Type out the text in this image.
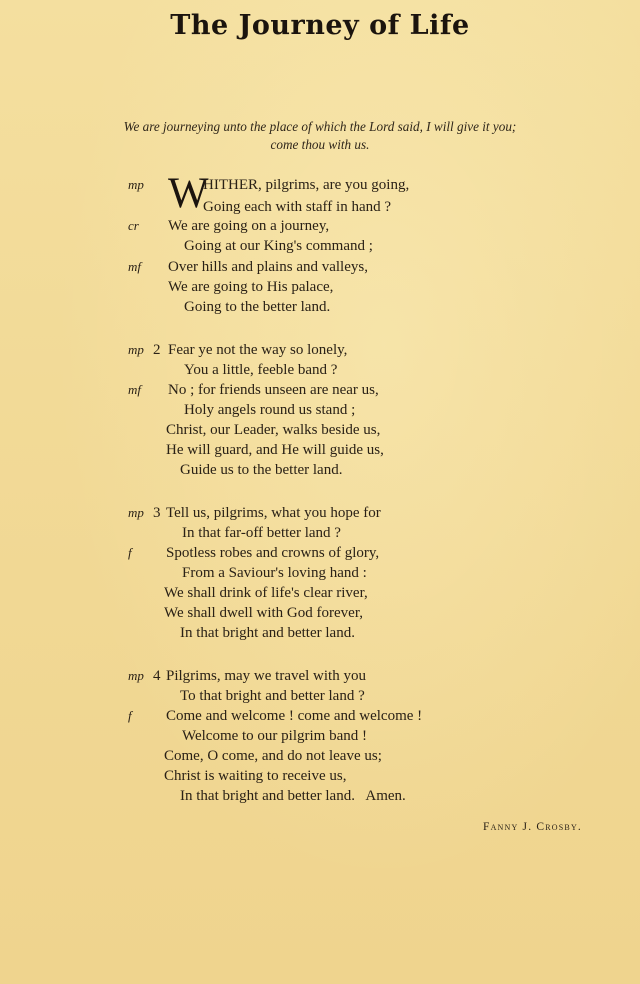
The Journey of Life
We are journeying unto the place of which the Lord said, I will give it you;
come thou with us.
W
mp	HITHER, pilgrims, are you going,
Going each with staff in hand ?
cr	We are going on a journey,
Going at our King's command ;
mf	Over hills and plains and valleys,
We are going to His palace,
Going to the better land.
mp 2 Fear ye not the way so lonely,
You a little, feeble band ?
mf	No ; for friends unseen are near us,
Holy angels round us stand ;
Christ, our Leader, walks beside us,
He will guard, and He will guide us,
Guide us to the better land.
mp 3 Tell us, pilgrims, what you hope for
In that far-off better land ?
f	Spotless robes and crowns of glory,
From a Saviour's loving hand :
We shall drink of life's clear river,
We shall dwell with God forever,
In that bright and better land.
mp 4 Pilgrims, may we travel with you
To that bright and better land ?
f	Come and welcome ! come and welcome !
Welcome to our pilgrim band !
Come, O come, and do not leave us;
Christ is waiting to receive us,
In that bright and better land.   Amen.
Fanny J. Crosby.
